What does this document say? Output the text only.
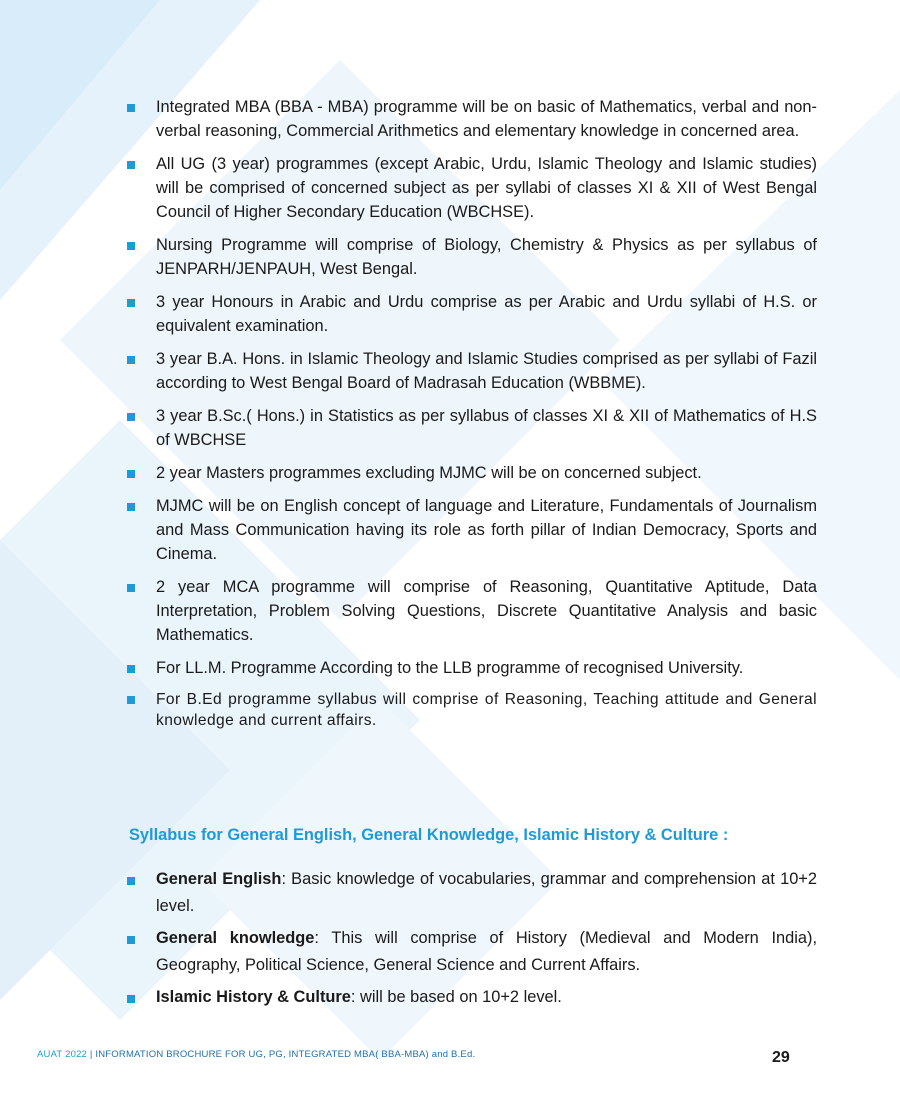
Integrated MBA (BBA - MBA) programme will be on basic of Mathematics, verbal and non-verbal reasoning, Commercial Arithmetics and elementary knowledge in concerned area.
All UG (3 year) programmes (except Arabic, Urdu, Islamic Theology and Islamic studies) will be comprised of concerned subject as per syllabi of classes XI & XII of West Bengal Council of Higher Secondary Education (WBCHSE).
Nursing Programme will comprise of Biology, Chemistry & Physics as per syllabus of JENPARH/JENPAUH, West Bengal.
3 year Honours in Arabic and Urdu comprise as per Arabic and Urdu syllabi of H.S. or equivalent examination.
3 year B.A. Hons. in Islamic Theology and Islamic Studies comprised as per syllabi of Fazil according to West Bengal Board of Madrasah Education (WBBME).
3 year B.Sc.( Hons.) in Statistics as per syllabus of classes XI & XII of Mathematics of H.S of WBCHSE
2 year Masters programmes excluding MJMC will be on concerned subject.
MJMC will be on English concept of language and Literature, Fundamentals of Journalism and Mass Communication having its role as forth pillar of Indian Democracy, Sports and Cinema.
2 year MCA programme will comprise of Reasoning, Quantitative Aptitude, Data Interpretation, Problem Solving Questions, Discrete Quantitative Analysis and basic Mathematics.
For LL.M. Programme According to the LLB programme of recognised University.
For B.Ed programme syllabus will comprise of Reasoning, Teaching attitude and General knowledge and current affairs.
Syllabus for General English, General Knowledge, Islamic History & Culture :
General English: Basic knowledge of vocabularies, grammar and comprehension at 10+2 level.
General knowledge: This will comprise of History (Medieval and Modern India), Geography, Political Science, General Science and Current Affairs.
Islamic History & Culture: will be based on 10+2 level.
AUAT 2022 | INFORMATION BROCHURE FOR UG, PG, INTEGRATED MBA( BBA-MBA) and B.Ed.	29
